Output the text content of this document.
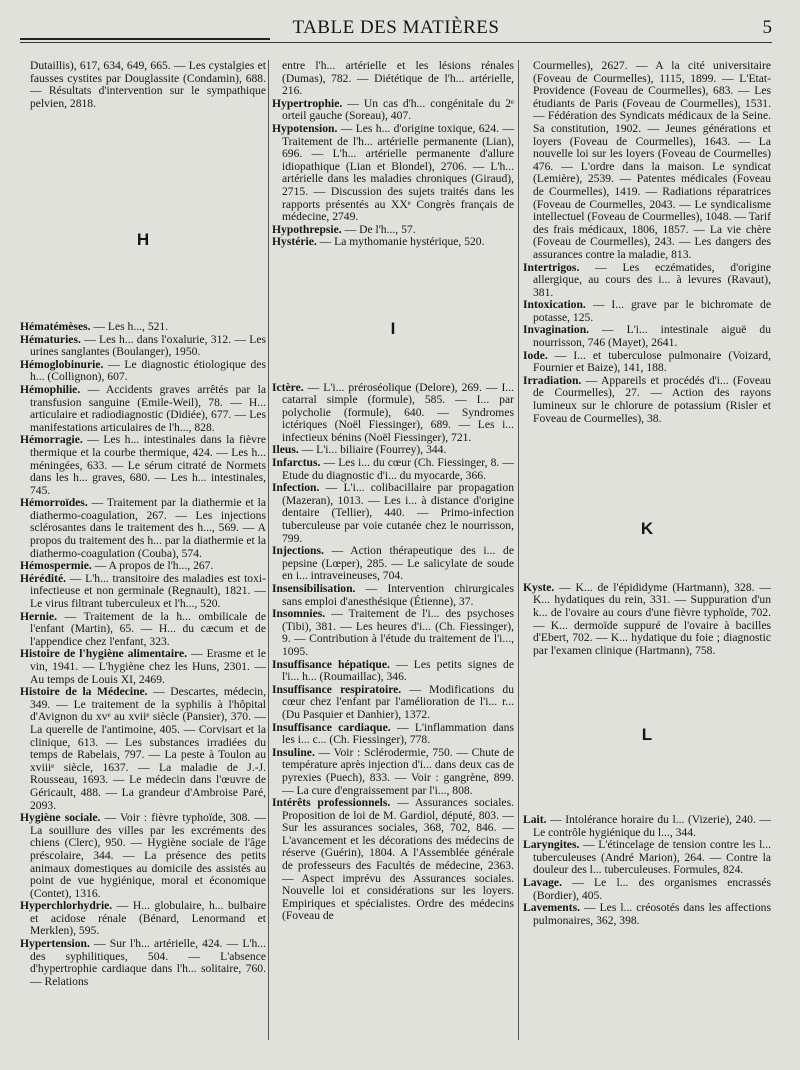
TABLE DES MATIÈRES	5
Dutaillis), 617, 634, 649, 665. — Les cystalgies et fausses cystites par Douglassite (Condamin), 688. — Résultats d'intervention sur le sympathique pelvien, 2818.
H
Hématémèses. — Les h..., 521.
Hématuries. — Les h... dans l'oxalurie, 312. — Les urines sanglantes (Boulanger), 1950.
Hémoglobinurie. — Le diagnostic étiologique des h... (Collignon), 607.
Hémophilie. — Accidents graves arrêtés par la transfusion sanguine (Emile-Weil), 78. — H... articulaire et radiodiagnostic (Didiée), 677. — Les manifestations articulaires de l'h..., 828.
Hémorragie. — Les h... intestinales dans la fièvre thermique et la courbe thermique, 424. — Les h... méningées, 633. — Le sérum citraté de Normets dans les h... graves, 680. — Les h... intestinales, 745.
Hémorroïdes. — Traitement par la diathermie et la diathermo-coagulation, 267. — Les injections sclérosantes dans le traitement des h..., 569. — A propos du traitement des h... par la diathermie et la diathermo-coagulation (Couba), 574.
Hémospermie. — A propos de l'h..., 267.
Hérédité. — L'h... transitoire des maladies est toxi-infectieuse et non germinale (Regnault), 1821. — Le virus filtrant tuberculeux et l'h..., 520.
Hernie. — Traitement de la h... ombilicale de l'enfant (Martin), 65. — H... du cæcum et de l'appendice chez l'enfant, 323.
Histoire de l'hygiène alimentaire. — Erasme et le vin, 1941. — L'hygiène chez les Huns, 2301. — Au temps de Louis XI, 2469.
Histoire de la Médecine. — Descartes, médecin, 349. — Le traitement de la syphilis à l'hôpital d'Avignon du xvᵉ au xviiᵉ siècle (Pansier), 370. — La querelle de l'antimoine, 405. — Corvisart et la clinique, 613. — Les substances irradiées du temps de Rabelais, 797. — La peste à Toulon au xviiiᵉ siècle, 1637. — La maladie de J.-J. Rousseau, 1693. — Le médecin dans l'œuvre de Géricault, 488. — La grandeur d'Ambroise Paré, 2093.
Hygiène sociale. — Voir : fièvre typhoïde, 308. — La souillure des villes par les excréments des chiens (Clerc), 950. — Hygiène sociale de l'âge préscolaire, 344. — La présence des petits animaux domestiques au domicile des assistés au point de vue hygiénique, moral et économique (Contet), 1316.
Hyperchlorhydrie. — H... globulaire, h... bulbaire et acidose rénale (Bénard, Lenormand et Merklen), 595.
Hypertension. — Sur l'h... artérielle, 424. — L'h... des syphilitiques, 504. — L'absence d'hypertrophie cardiaque dans l'h... solitaire, 760. — Relations
entre l'h... artérielle et les lésions rénales (Dumas), 782. — Diététique de l'h... artérielle, 216.
Hypertrophie. — Un cas d'h... congénitale du 2ᵉ orteil gauche (Soreau), 407.
Hypotension. — Les h... d'origine toxique, 624. — Traitement de l'h... artérielle permanente (Lian), 696. — L'h... artérielle permanente d'allure idiopathique (Lian et Blondel), 2706. — L'h... artérielle dans les maladies chroniques (Giraud), 2715. — Discussion des sujets traités dans les rapports présentés au XXᵉ Congrès français de médecine, 2749.
Hypothrepsie. — De l'h..., 57.
Hystérie. — La mythomanie hystérique, 520.
I
Ictère. — L'i... préroséolique (Delore), 269. — I... catarral simple (formule), 585. — I... par polycholie (formule), 640. — Syndromes ictériques (Noël Fiessinger), 689. — Les i... infectieux bénins (Noël Fiessinger), 721.
Ileus. — L'i... biliaire (Fourrey), 344.
Infarctus. — Les i... du cœur (Ch. Fiessinger, 8. — Etude du diagnostic d'i... du myocarde, 366.
Infection. — L'i... colibacillaire par propagation (Mazeran), 1013. — Les i... à distance d'origine dentaire (Tellier), 440. — Primo-infection tuberculeuse par voie cutanée chez le nourrisson, 799.
Injections. — Action thérapeutique des i... de pepsine (Lœper), 285. — Le salicylate de soude en i... intraveineuses, 704.
Insensibilisation. — Intervention chirurgicales sans emploi d'anesthésique (Étienne), 37.
Insomnies. — Traitement de l'i... des psychoses (Tibi), 381. — Les heures d'i... (Ch. Fiessinger), 9. — Contribution à l'étude du traitement de l'i..., 1095.
Insuffisance hépatique. — Les petits signes de l'i... h... (Roumaillac), 346.
Insuffisance respiratoire. — Modifications du cœur chez l'enfant par l'amélioration de l'i... r... (Du Pasquier et Danhier), 1372.
Insuffisance cardiaque. — L'inflammation dans les i... c... (Ch. Fiessinger), 778.
Insuline. — Voir : Sclérodermie, 750. — Chute de température après injection d'i... dans deux cas de pyrexies (Puech), 833. — Voir : gangrène, 899. — La cure d'engraissement par l'i..., 808.
Intérêts professionnels. — Assurances sociales. Proposition de loi de M. Gardiol, député, 803. — Sur les assurances sociales, 368, 702, 846. — L'avancement et les décorations des médecins de réserve (Guérin), 1804. A l'Assemblée générale de professeurs des Facultés de médecine, 2363. — Aspect imprévu des Assurances sociales. Nouvelle loi et considérations sur les loyers. Empiriques et spécialistes. Ordre des médecins (Foveau de
Courmelles), 2627. — A la cité universitaire (Foveau de Courmelles), 1115, 1899. — L'Etat-Providence (Foveau de Courmelles), 683. — Les étudiants de Paris (Foveau de Courmelles), 1531. — Fédération des Syndicats médicaux de la Seine. Sa constitution, 1902. — Jeunes générations et loyers (Foveau de Courmelles), 1643. — La nouvelle loi sur les loyers (Foveau de Courmelles) 476. — L'ordre dans la maison. Le syndicat (Lemière), 2539. — Patentes médicales (Foveau de Courmelles), 1419. — Radiations réparatrices (Foveau de Courmelles, 2043. — Le syndicalisme intellectuel (Foveau de Courmelles), 1048. — Tarif des frais médicaux, 1806, 1857. — La vie chère (Foveau de Courmelles), 243. — Les dangers des assurances contre la maladie, 813.
Intertrigos. — Les eczématides, d'origine allergique, au cours des i... à levures (Ravaut), 381.
Intoxication. — I... grave par le bichromate de potasse, 125.
Invagination. — L'i... intestinale aiguë du nourrisson, 746 (Mayet), 2641.
Iode. — I... et tuberculose pulmonaire (Voizard, Fournier et Baize), 141, 188.
Irradiation. — Appareils et procédés d'i... (Foveau de Courmelles), 27. — Action des rayons lumineux sur le chlorure de potassium (Risler et Foveau de Courmelles), 38.
K
Kyste. — K... de l'épididyme (Hartmann), 328. — K... hydatiques du rein, 331. — Suppuration d'un k... de l'ovaire au cours d'une fièvre typhoïde, 702. — K... dermoïde suppuré de l'ovaire à bacilles d'Ebert, 702. — K... hydatique du foie ; diagnostic par l'examen clinique (Hartmann), 758.
L
Lait. — Intolérance horaire du l... (Vizerie), 240. — Le contrôle hygiénique du l..., 344.
Laryngites. — L'étincelage de tension contre les l... tuberculeuses (André Marion), 264. — Contre la douleur des l... tuberculeuses. Formules, 824.
Lavage. — Le l... des organismes encrassés (Bordier), 405.
Lavements. — Les l... créosotés dans les affections pulmonaires, 362, 398.
